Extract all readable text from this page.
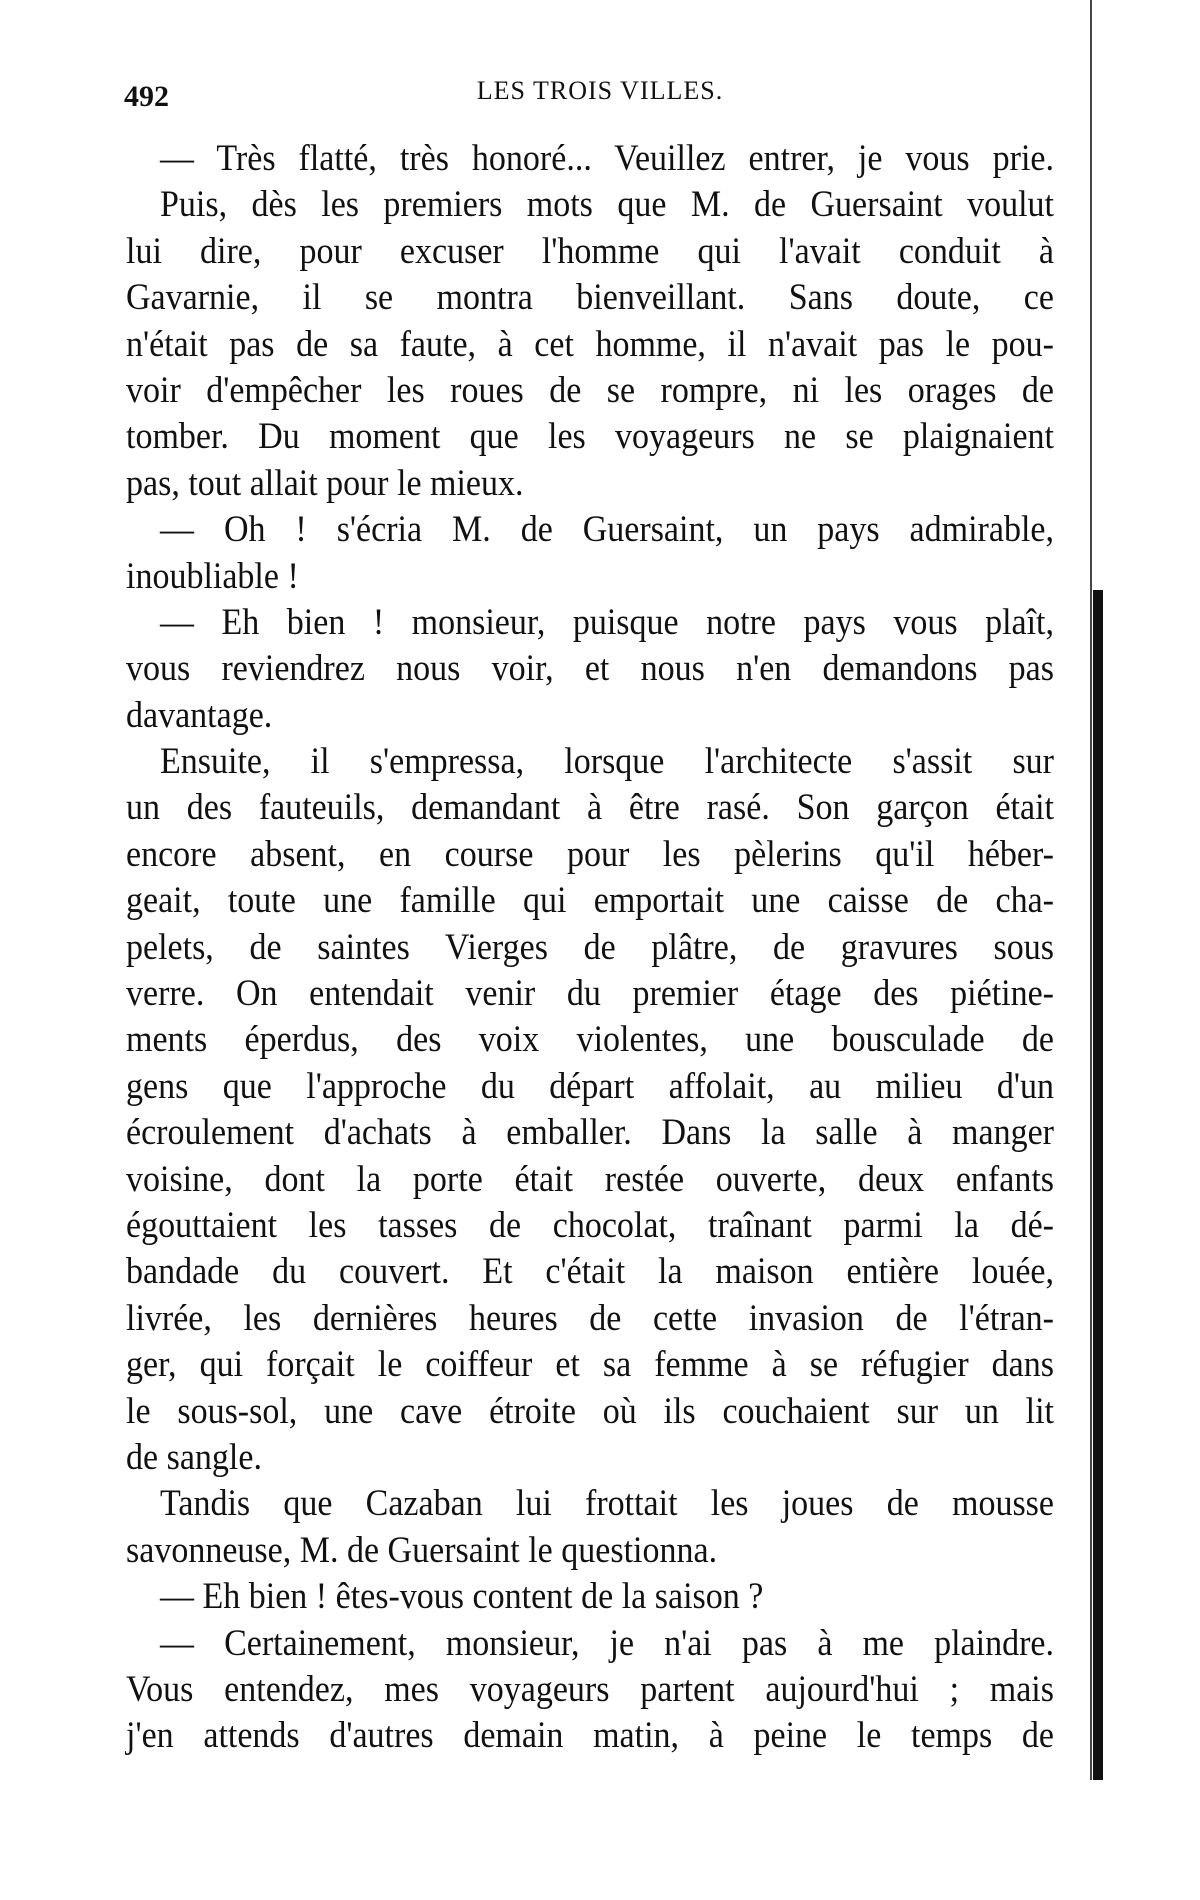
492	LES TROIS VILLES.
— Très flatté, très honoré... Veuillez entrer, je vous prie.
Puis, dès les premiers mots que M. de Guersaint voulut
lui dire, pour excuser l'homme qui l'avait conduit à
Gavarnie, il se montra bienveillant. Sans doute, ce
n'était pas de sa faute, à cet homme, il n'avait pas le pou-
voir d'empêcher les roues de se rompre, ni les orages de
tomber. Du moment que les voyageurs ne se plaignaient
pas, tout allait pour le mieux.
— Oh ! s'écria M. de Guersaint, un pays admirable,
inoubliable !
— Eh bien ! monsieur, puisque notre pays vous plaît,
vous reviendrez nous voir, et nous n'en demandons pas
davantage.
Ensuite, il s'empressa, lorsque l'architecte s'assit sur
un des fauteuils, demandant à être rasé. Son garçon était
encore absent, en course pour les pèlerins qu'il héber-
geait, toute une famille qui emportait une caisse de cha-
pelets, de saintes Vierges de plâtre, de gravures sous
verre. On entendait venir du premier étage des piétine-
ments éperdus, des voix violentes, une bousculade de
gens que l'approche du départ affolait, au milieu d'un
écroulement d'achats à emballer. Dans la salle à manger
voisine, dont la porte était restée ouverte, deux enfants
égouttaient les tasses de chocolat, traînant parmi la dé-
bandade du couvert. Et c'était la maison entière louée,
livrée, les dernières heures de cette invasion de l'étran-
ger, qui forçait le coiffeur et sa femme à se réfugier dans
le sous-sol, une cave étroite où ils couchaient sur un lit
de sangle.
Tandis que Cazaban lui frottait les joues de mousse
savonneuse, M. de Guersaint le questionna.
— Eh bien ! êtes-vous content de la saison ?
— Certainement, monsieur, je n'ai pas à me plaindre.
Vous entendez, mes voyageurs partent aujourd'hui ; mais
j'en attends d'autres demain matin, à peine le temps de
